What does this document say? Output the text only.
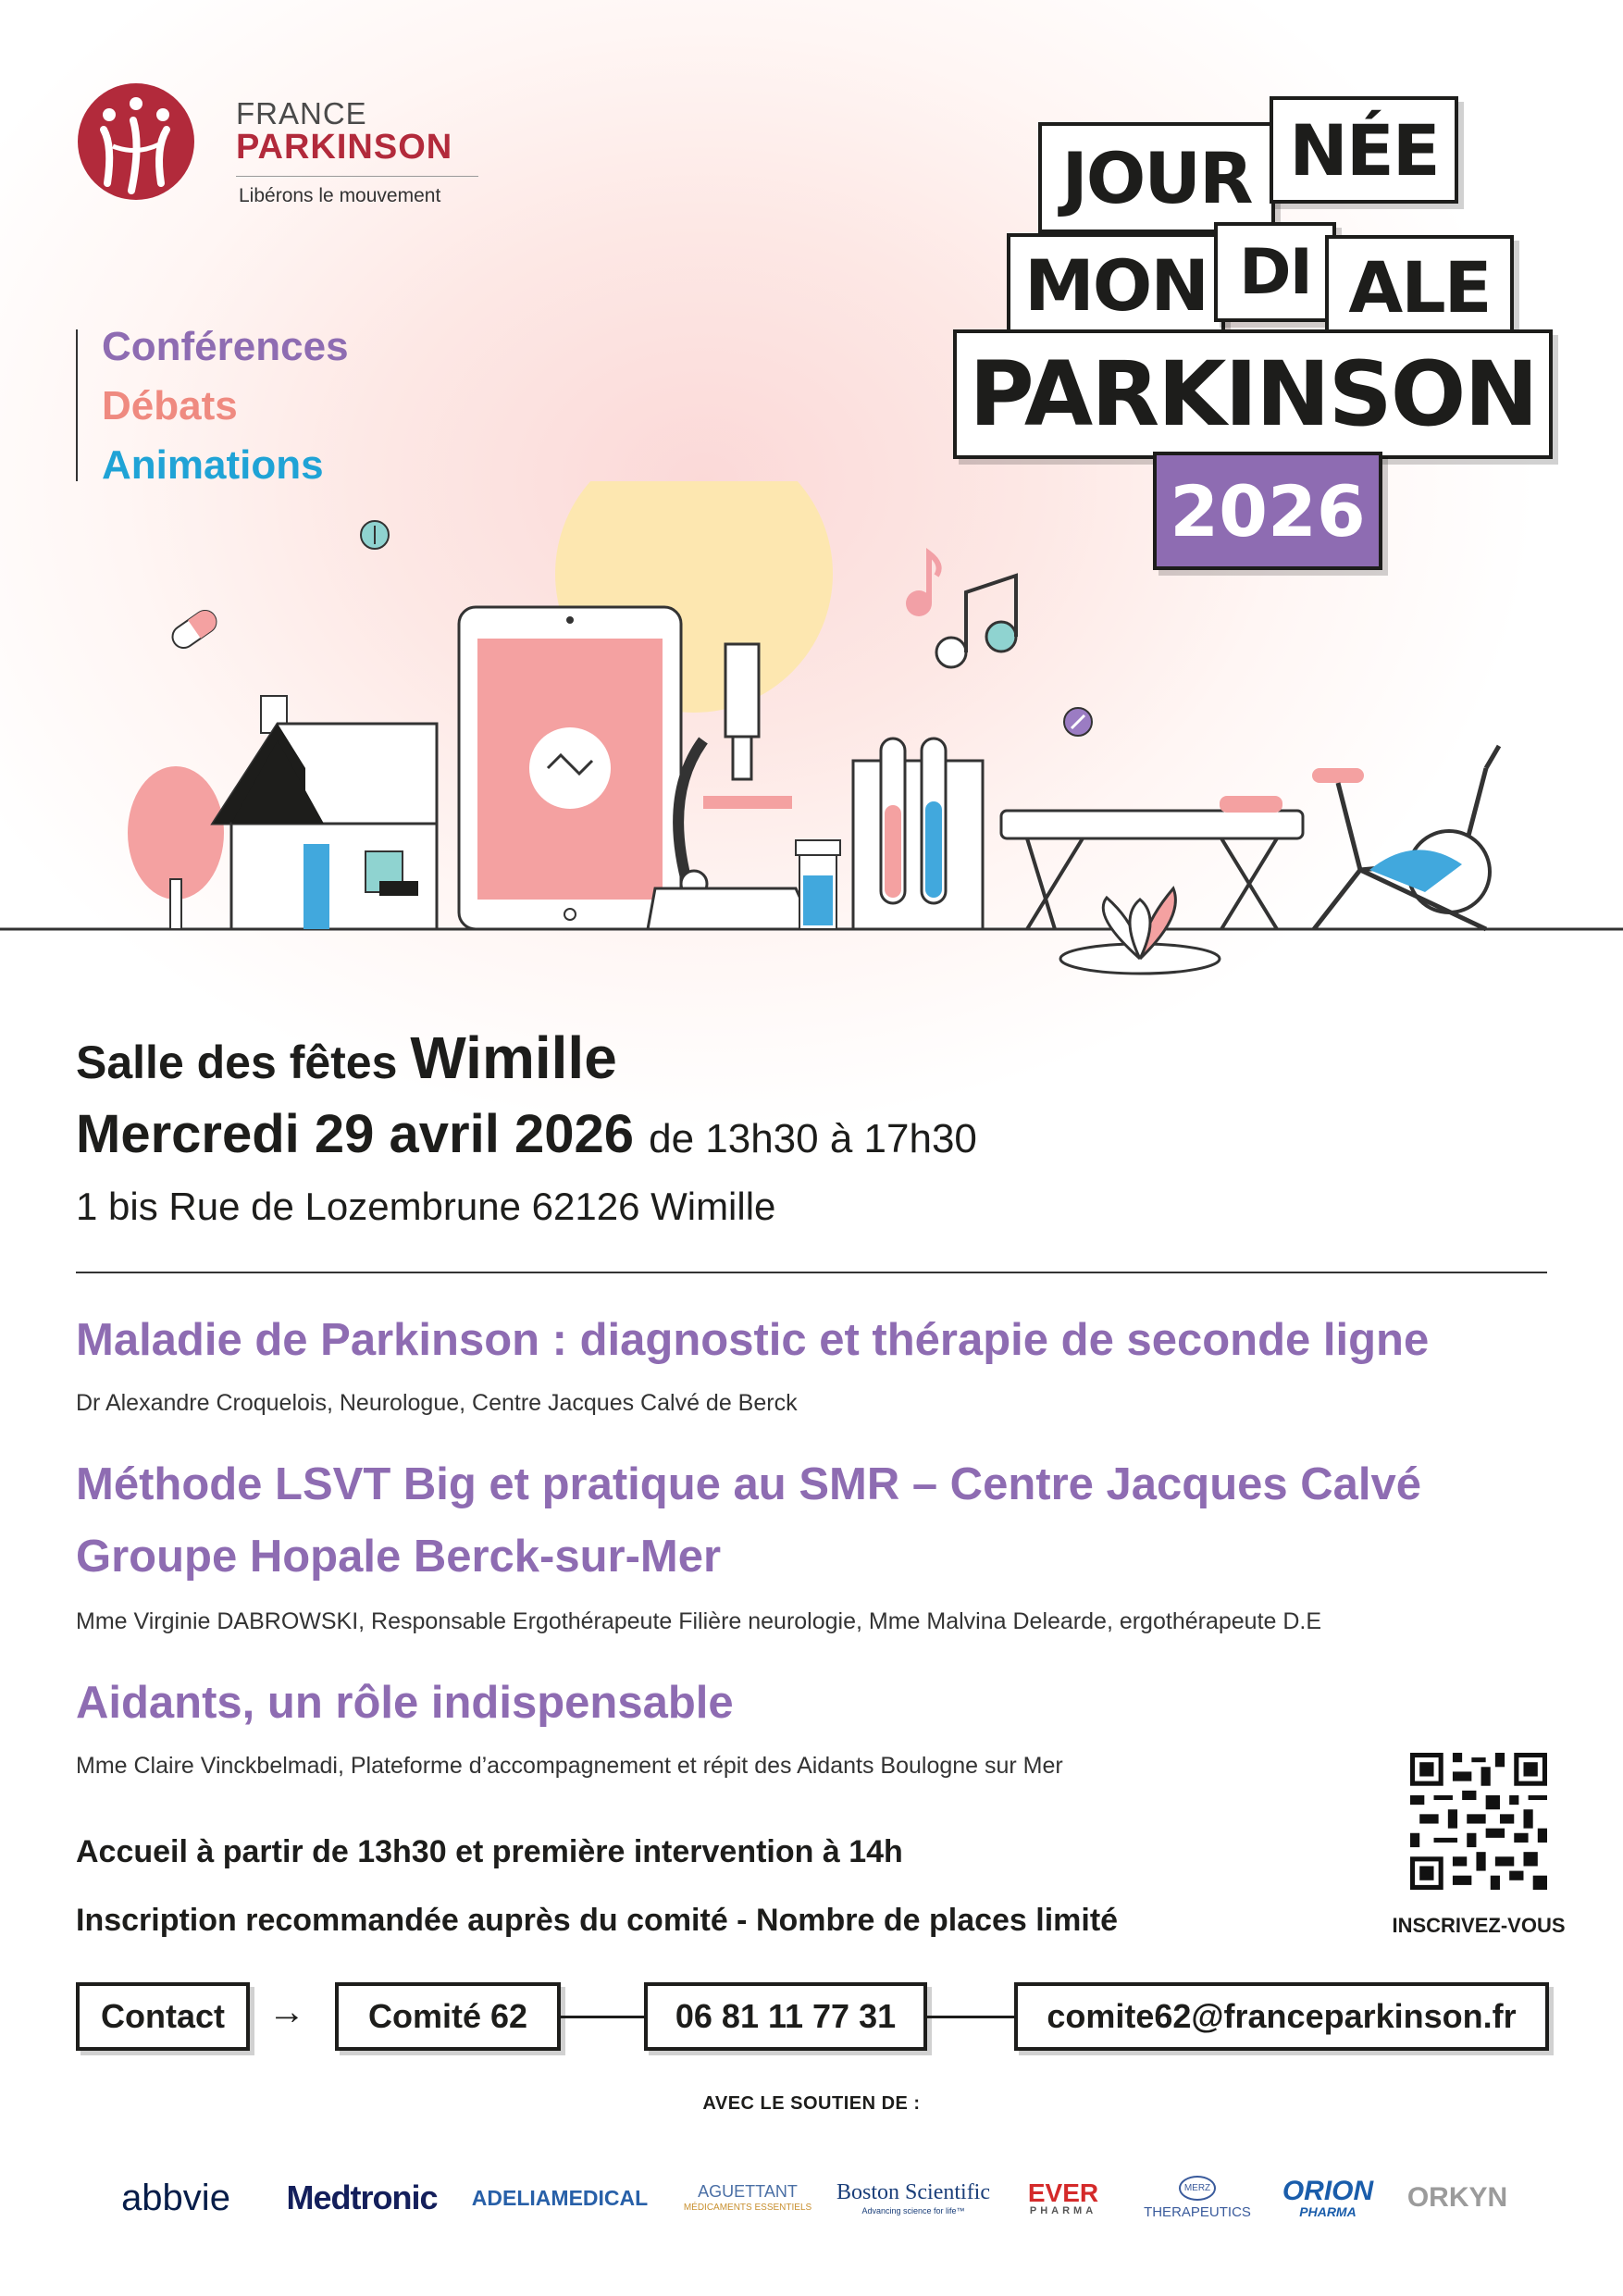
FRANCE
PARKINSON
Libérons le mouvement
Conférences
Débats
Animations
JOUR NÉE
MON DI ALE
PARKINSON
2026
Salle des fêtes Wimille
Mercredi 29 avril 2026 de 13h30 à 17h30
1 bis Rue de Lozembrune 62126 Wimille
Maladie de Parkinson : diagnostic et thérapie de seconde ligne
Dr Alexandre Croquelois, Neurologue, Centre Jacques Calvé de Berck
Méthode LSVT Big et pratique au SMR – Centre Jacques Calvé
Groupe Hopale Berck-sur-Mer
Mme Virginie DABROWSKI, Responsable Ergothérapeute Filière neurologie, Mme Malvina Delearde, ergothérapeute D.E
Aidants, un rôle indispensable
Mme Claire Vinckbelmadi, Plateforme d’accompagnement et répit des Aidants Boulogne sur Mer
Accueil à partir de 13h30 et première intervention à 14h
Inscription recommandée auprès du comité - Nombre de places limité	INSCRIVEZ-VOUS
Contact	→	Comité 62	06 81 11 77 31	comite62@franceparkinson.fr
AVEC LE SOUTIEN DE :
abbvie	Medtronic	ADELIAMEDICAL	AGUETTANT
MÉDICAMENTS ESSENTIELS
Boston Scientific
Advancing science for life™
EVER
PHARMA
MERZ
THERAPEUTICS
ORION
PHARMA	ORKYN
